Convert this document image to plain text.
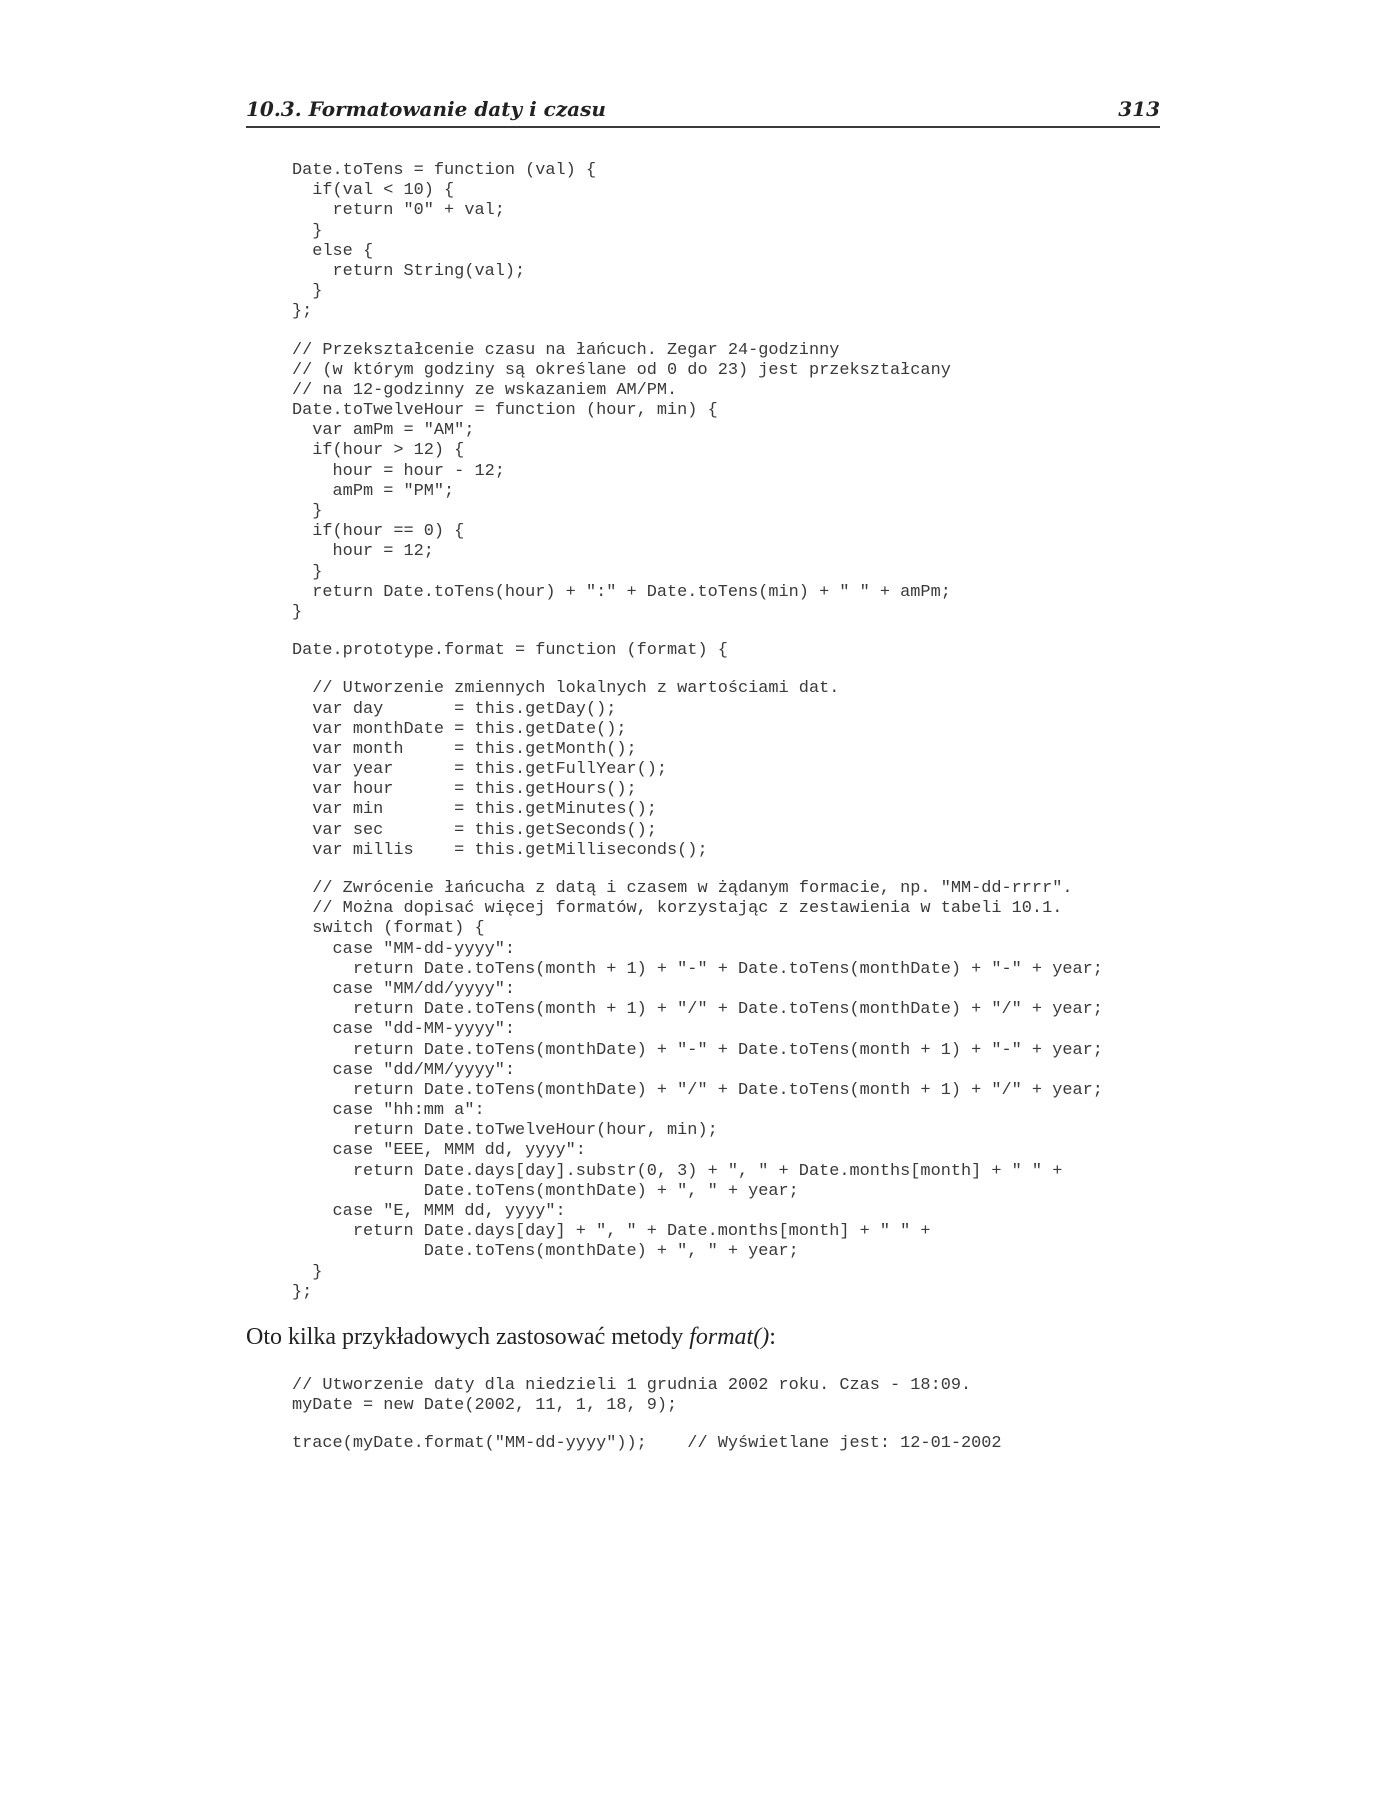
10.3. Formatowanie daty i czasu	313
Date.toTens = function (val) {
if(val < 10) {
return "0" + val;
}
else {
return String(val);
}
};
// Przekształcenie czasu na łańcuch. Zegar 24-godzinny
// (w którym godziny są określane od 0 do 23) jest przekształcany
// na 12-godzinny ze wskazaniem AM/PM.
Date.toTwelveHour = function (hour, min) {
var amPm = "AM";
if(hour > 12) {
hour = hour - 12;
amPm = "PM";
}
if(hour == 0) {
hour = 12;
}
return Date.toTens(hour) + ":" + Date.toTens(min) + " " + amPm;
}
Date.prototype.format = function (format) {
// Utworzenie zmiennych lokalnych z wartościami dat.
var day       = this.getDay();
var monthDate = this.getDate();
var month     = this.getMonth();
var year      = this.getFullYear();
var hour      = this.getHours();
var min       = this.getMinutes();
var sec       = this.getSeconds();
var millis    = this.getMilliseconds();
// Zwrócenie łańcucha z datą i czasem w żądanym formacie, np. "MM-dd-rrrr".
// Można dopisać więcej formatów, korzystając z zestawienia w tabeli 10.1.
switch (format) {
case "MM-dd-yyyy":
return Date.toTens(month + 1) + "-" + Date.toTens(monthDate) + "-" + year;
case "MM/dd/yyyy":
return Date.toTens(month + 1) + "/" + Date.toTens(monthDate) + "/" + year;
case "dd-MM-yyyy":
return Date.toTens(monthDate) + "-" + Date.toTens(month + 1) + "-" + year;
case "dd/MM/yyyy":
return Date.toTens(monthDate) + "/" + Date.toTens(month + 1) + "/" + year;
case "hh:mm a":
return Date.toTwelveHour(hour, min);
case "EEE, MMM dd, yyyy":
return Date.days[day].substr(0, 3) + ", " + Date.months[month] + " " +
Date.toTens(monthDate) + ", " + year;
case "E, MMM dd, yyyy":
return Date.days[day] + ", " + Date.months[month] + " " +
Date.toTens(monthDate) + ", " + year;
}
};
Oto kilka przykładowych zastosować metody format():
// Utworzenie daty dla niedzieli 1 grudnia 2002 roku. Czas - 18:09.
myDate = new Date(2002, 11, 1, 18, 9);
trace(myDate.format("MM-dd-yyyy"));    // Wyświetlane jest: 12-01-2002
